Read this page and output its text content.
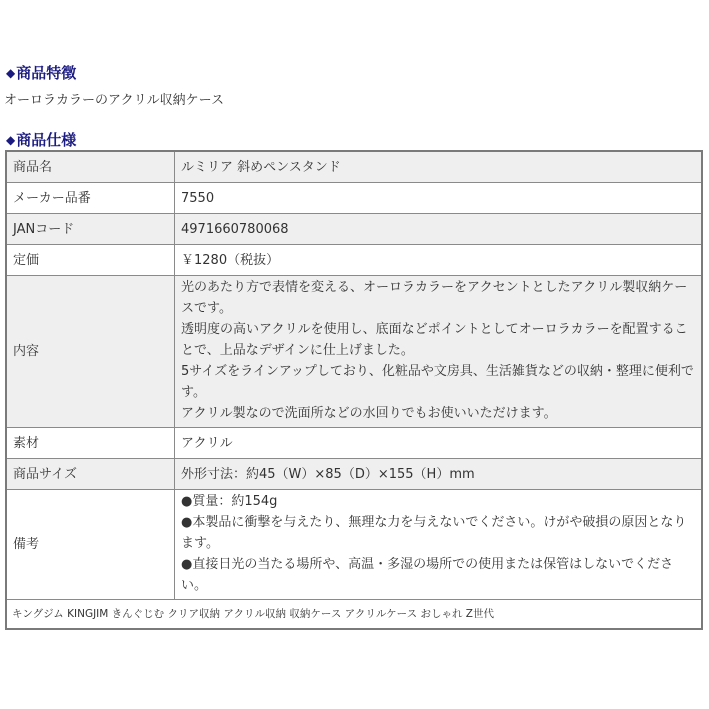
◆商品特徴
オーロラカラーのアクリル収納ケース
◆商品仕様
商品名	ルミリア 斜めペンスタンド
メーカー品番	7550
JANコード	4971660780068
定価	￥1280（税抜）
内容	
光のあたり方で表情を変える、オーロラカラーをアクセントとしたアクリル製収納ケー
スです。
透明度の高いアクリルを使用し、底面などポイントとしてオーロラカラーを配置するこ
とで、上品なデザインに仕上げました。
5サイズをラインアップしており、化粧品や文房具、生活雑貨などの収納・整理に便利で
す。
アクリル製なので洗面所などの水回りでもお使いいただけます。

素材	アクリル
商品サイズ	外形寸法：約45（W）×85（D）×155（H）mm
備考	●質量：約154g
●本製品に衝撃を与えたり、無理な力を与えないでください。けがや破損の原因となり
ます。
●直接日光の当たる場所や、高温・多湿の場所での使用または保管はしないでくださ
い。

キングジム KINGJIM きんぐじむ クリア収納 アクリル収納 収納ケース アクリルケース おしゃれ Z世代	
